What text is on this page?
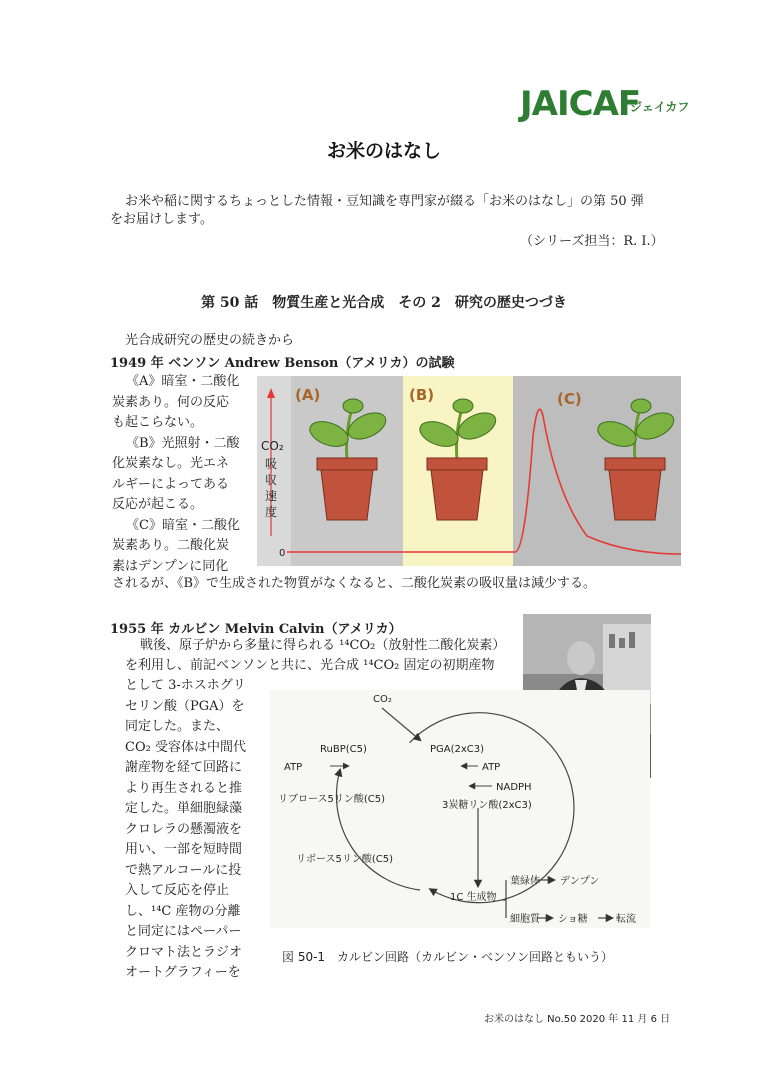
JAICAF
ジェイカフ
お米のはなし
お米や稲に関するちょっとした情報・豆知識を専門家が綴る「お米のはなし」の第 50 弾
をお届けします。
（シリーズ担当：R. I.）
第 50 話　物質生産と光合成　その 2　研究の歴史つづき
光合成研究の歴史の続きから
1949 年 ベンソン Andrew Benson（アメリカ）の試験
《A》暗室・二酸化
炭素あり。何の反応
も起こらない。
《B》光照射・二酸
化炭素なし。光エネ
ルギーによってある
反応が起こる。
《C》暗室・二酸化
炭素あり。二酸化炭
素はデンプンに同化
されるが、《B》で生成された物質がなくなると、二酸化炭素の吸収量は減少する。
CO₂
吸
収
速
度
0
(A)	(B)	(C)
1955 年 カルビン Melvin Calvin（アメリカ）
戦後、原子炉から多量に得られる ¹⁴CO₂（放射性二酸化炭素）
を利用し、前記ベンソンと共に、光合成 ¹⁴CO₂ 固定の初期産物
として 3-ホスホグリ
セリン酸（PGA）を
同定した。また、
CO₂ 受容体は中間代
謝産物を経て回路に
より再生されると推
定した。単細胞緑藻
クロレラの懸濁液を
用い、一部を短時間
で熱アルコールに投
入して反応を停止
し、¹⁴C 産物の分離
と同定にはペーパー
クロマト法とラジオ
オートグラフィーを
CO₂
RuBP(C5)	PGA(2xC3)
ATP	ATP
NADPH
リブロース5リン酸(C5)
3炭糖リン酸(2xC3)
リボース5リン酸(C5)
1C 生成物
葉緑体 デンプン
細胞質 ショ糖	転流
図 50-1　カルビン回路（カルビン・ベンソン回路ともいう）
お米のはなし No.50 2020 年 11 月 6 日
